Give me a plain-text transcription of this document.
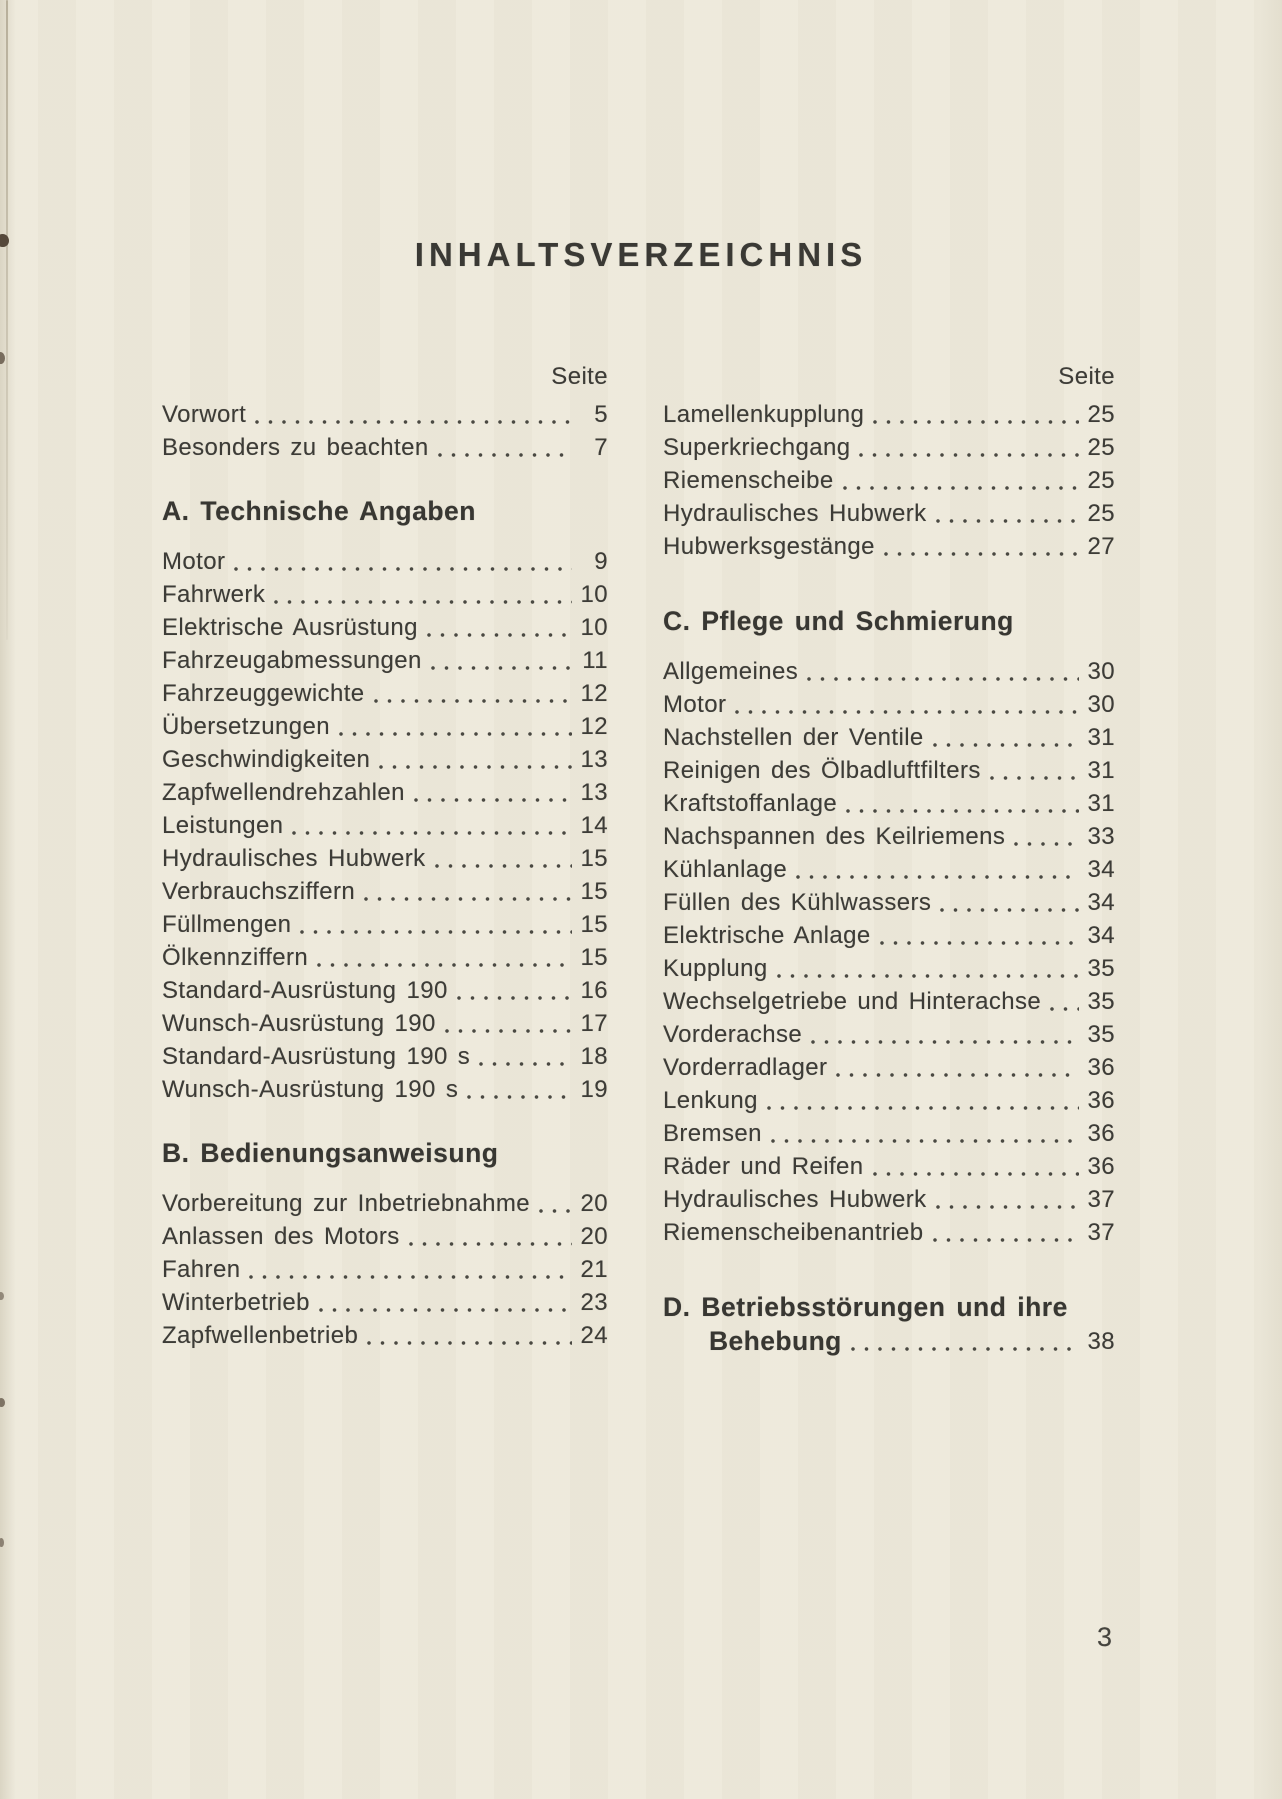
INHALTSVERZEICHNIS
Seite
Vorwort	5
Besonders zu beachten	7
A. Technische Angaben
Motor	9
Fahrwerk	10
Elektrische Ausrüstung	10
Fahrzeugabmessungen	11
Fahrzeuggewichte	12
Übersetzungen	12
Geschwindigkeiten	13
Zapfwellendrehzahlen	13
Leistungen	14
Hydraulisches Hubwerk	15
Verbrauchsziffern	15
Füllmengen	15
Ölkennziffern	15
Standard-Ausrüstung 190	16
Wunsch-Ausrüstung 190	17
Standard-Ausrüstung 190 s	18
Wunsch-Ausrüstung 190 s	19
B. Bedienungsanweisung
Vorbereitung zur Inbetriebnahme	20
Anlassen des Motors	20
Fahren	21
Winterbetrieb	23
Zapfwellenbetrieb	24
Seite
Lamellenkupplung	25
Superkriechgang	25
Riemenscheibe	25
Hydraulisches Hubwerk	25
Hubwerksgestänge	27
C. Pflege und Schmierung
Allgemeines	30
Motor	30
Nachstellen der Ventile	31
Reinigen des Ölbadluftfilters	31
Kraftstoffanlage	31
Nachspannen des Keilriemens	33
Kühlanlage	34
Füllen des Kühlwassers	34
Elektrische Anlage	34
Kupplung	35
Wechselgetriebe und Hinterachse	35
Vorderachse	35
Vorderradlager	36
Lenkung	36
Bremsen	36
Räder und Reifen	36
Hydraulisches Hubwerk	37
Riemenscheibenantrieb	37
D. Betriebsstörungen und ihre
Behebung	38
3
